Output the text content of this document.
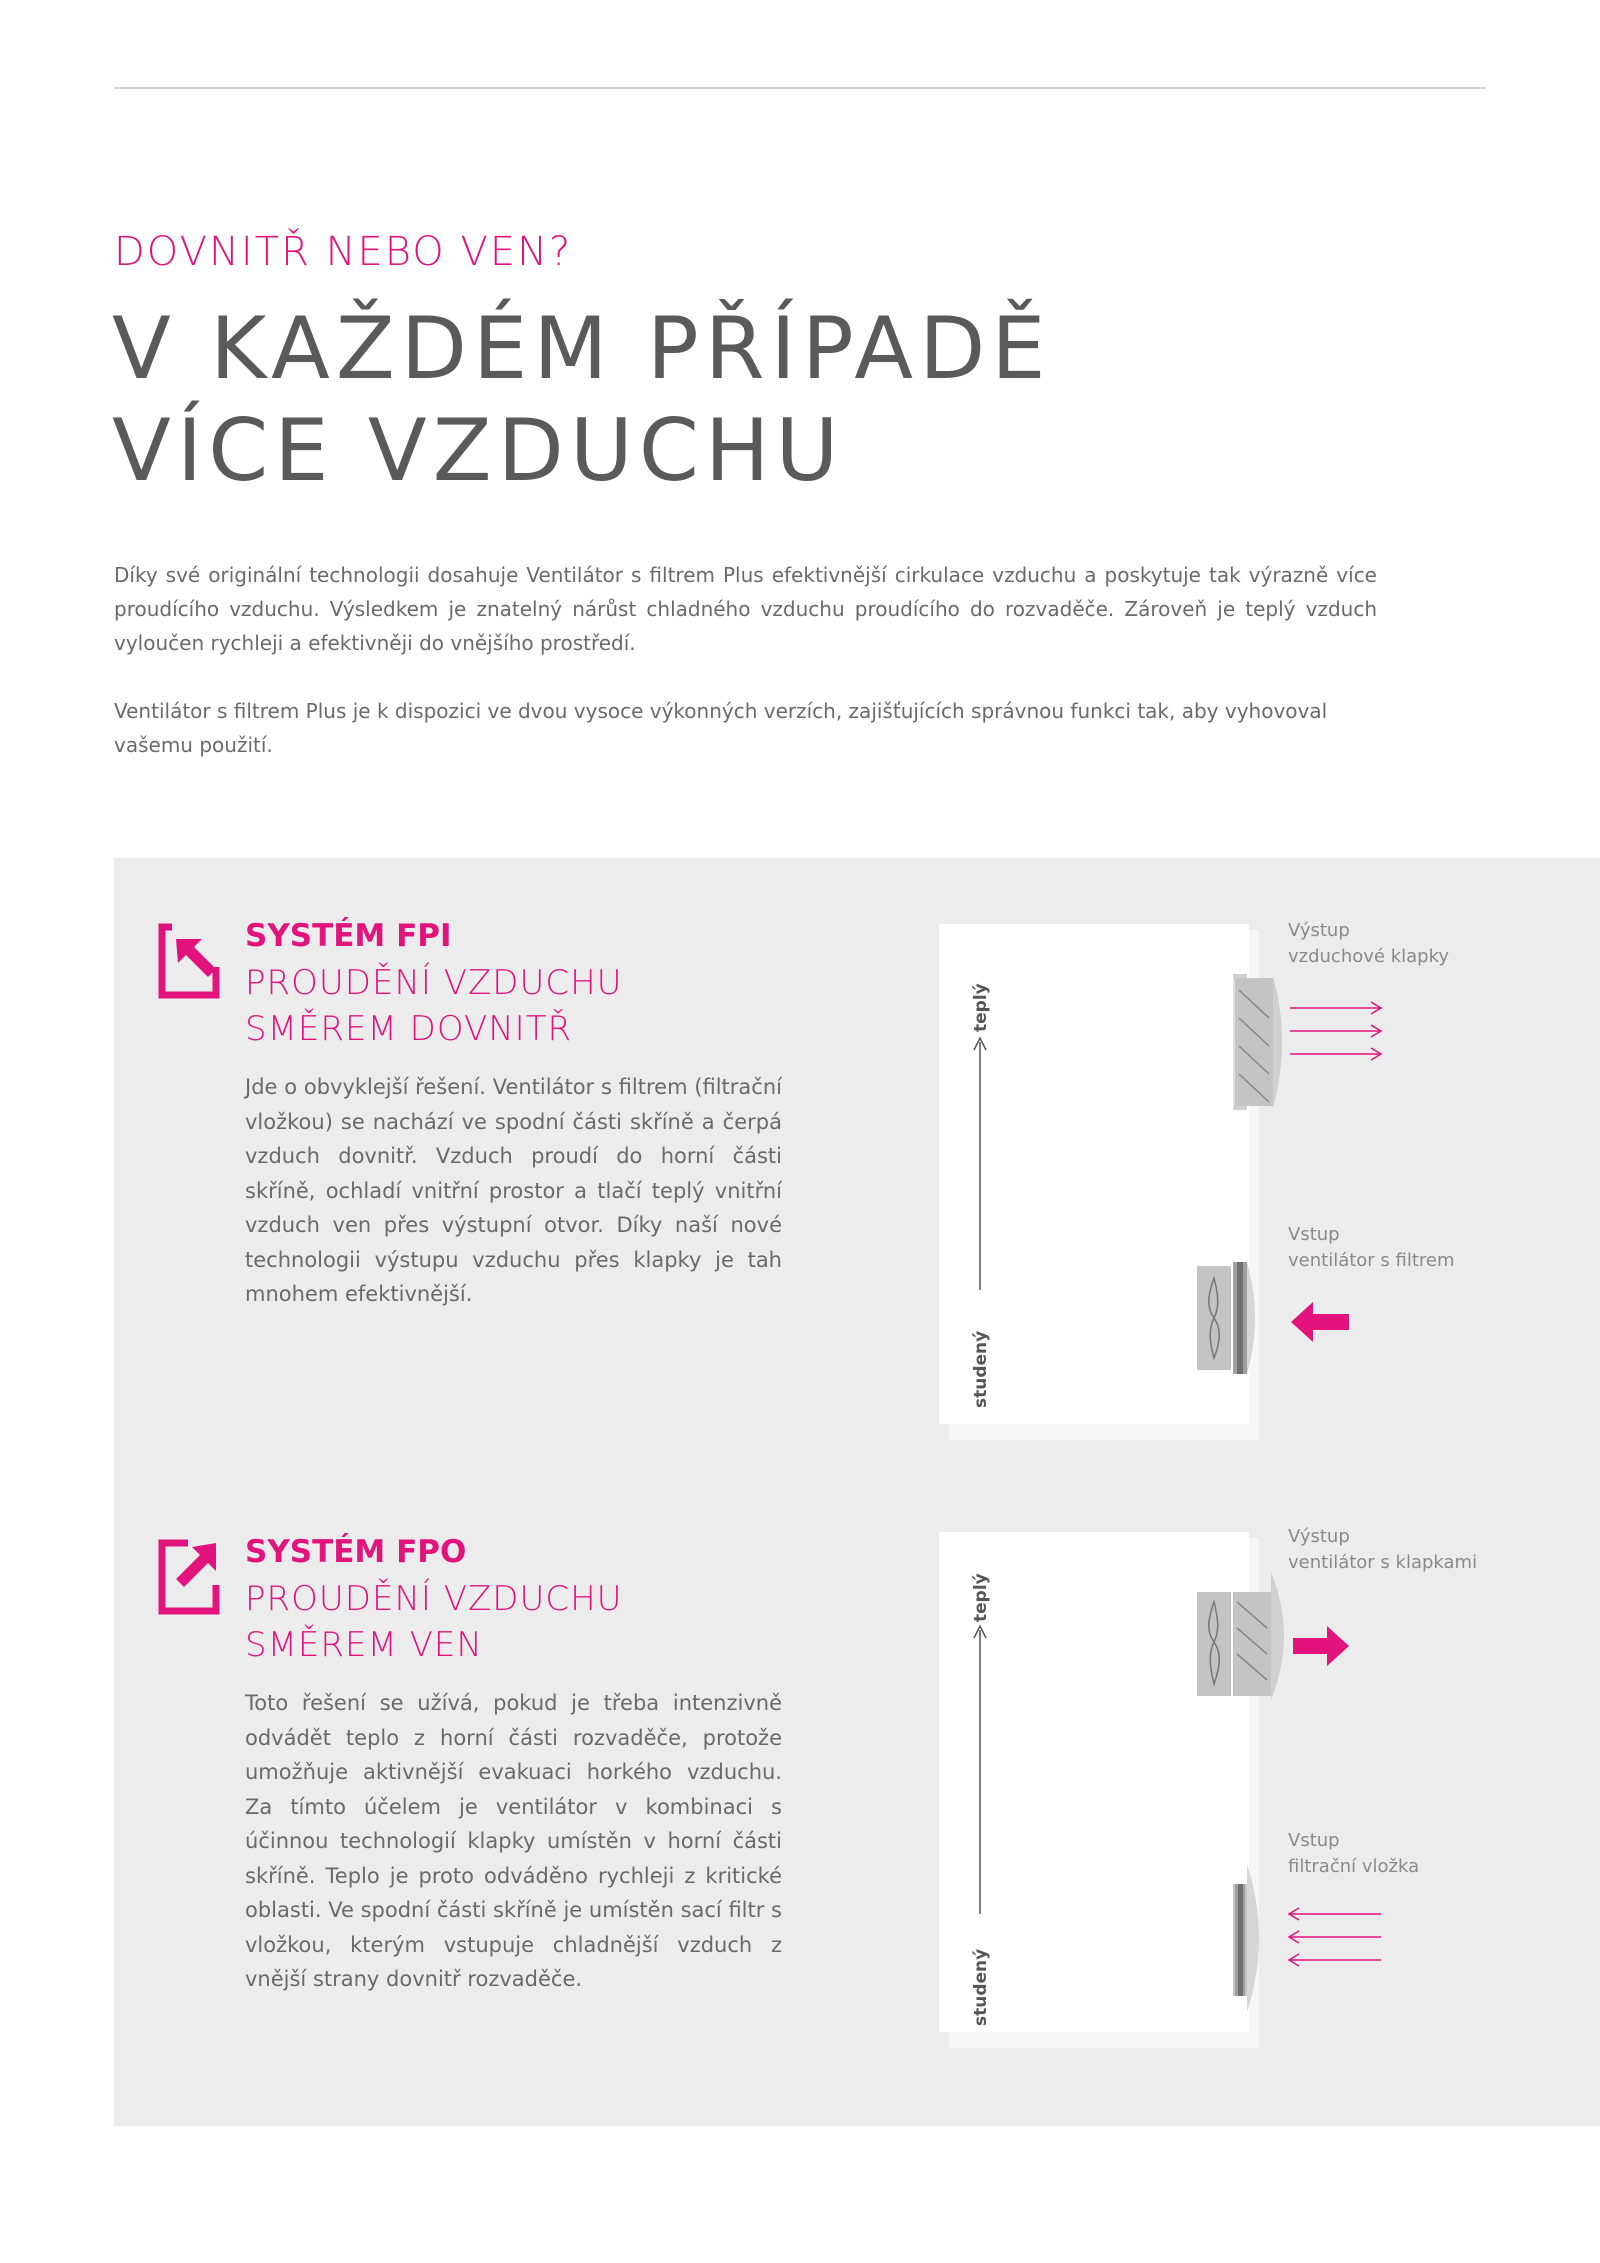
DOVNITŘ NEBO VEN?
V KAŽDÉM PŘÍPADĚ
VÍCE VZDUCHU

Díky své originální technologii dosahuje Ventilátor s filtrem Plus efektivnější cirkulace vzduchu a poskytuje tak výrazně více proudícího vzduchu. Výsledkem je znatelný nárůst chladného vzduchu proudícího do rozvaděče. Zároveň je teplý vzduch vyloučen rychleji a efektivněji do vnějšího prostředí.

Ventilátor s filtrem Plus je k dispozici ve dvou vysoce výkonných verzích, zajišťujících správnou funkci tak, aby vyhovoval vašemu použití.

SYSTÉM FPI
PROUDĚNÍ VZDUCHU
SMĚREM DOVNITŘ

Jde o obvyklejší řešení. Ventilátor s filtrem (filtrační vložkou) se nachází ve spodní části skříně a čerpá vzduch dovnitř. Vzduch proudí do horní části skříně, ochladí vnitřní prostor a tlačí teplý vnitřní vzduch ven přes výstupní otvor. Díky naší nové technologii výstupu vzduchu přes klapky je tah mnohem efektivnější.

teplý
studený
Výstup
vzduchové klapky
Vstup
ventilátor s filtrem
SYSTÉM FPO
PROUDĚNÍ VZDUCHU
SMĚREM VEN

Toto řešení se užívá, pokud je třeba intenzivně odvádět teplo z horní části rozvaděče, protože umožňuje aktivnější evakuaci horkého vzduchu. Za tímto účelem je ventilátor v kombinaci s účinnou technologií klapky umístěn v horní části skříně. Teplo je proto odváděno rychleji z kritické oblasti. Ve spodní části skříně je umístěn sací filtr s vložkou, kterým vstupuje chladnější vzduch z vnější strany dovnitř rozvaděče.

teplý
studený
Výstup
ventilátor s klapkami
Vstup
filtrační vložka
